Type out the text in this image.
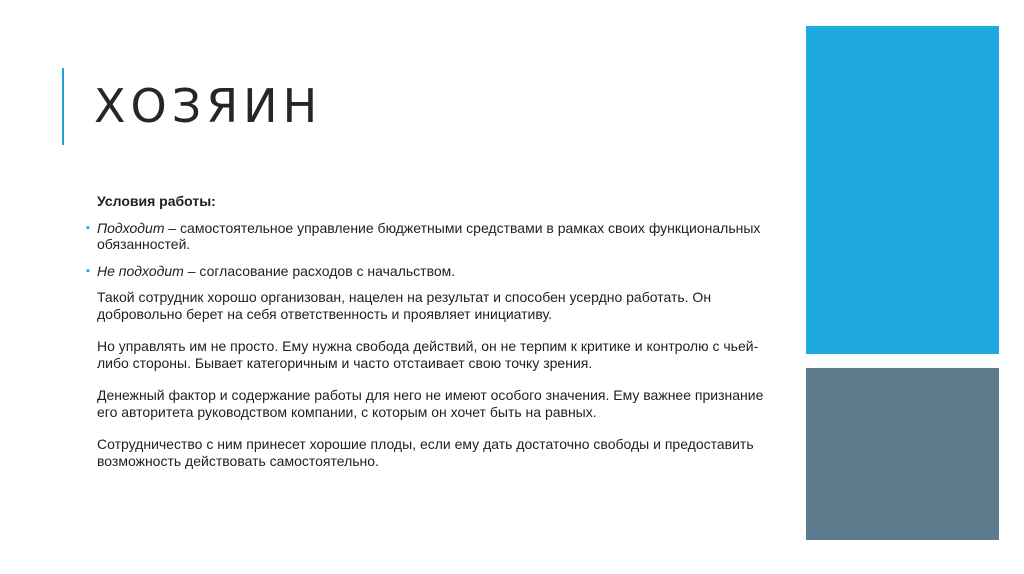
ХОЗЯИН

Условия работы:

▪ Подходит – самостоятельное управление бюджетными средствами в рамках своих функциональных обязанностей.
▪ Не подходит – согласование расходов с начальством.

Такой сотрудник хорошо организован, нацелен на результат и способен усердно работать. Он добровольно берет на себя ответственность и проявляет инициативу.

Но управлять им не просто. Ему нужна свобода действий, он не терпим к критике и контролю с чьей-либо стороны. Бывает категоричным и часто отстаивает свою точку зрения.

Денежный фактор и содержание работы для него не имеют особого значения. Ему важнее признание его авторитета руководством компании, с которым он хочет быть на равных.

Сотрудничество с ним принесет хорошие плоды, если ему дать достаточно свободы и предоставить возможность действовать самостоятельно.
